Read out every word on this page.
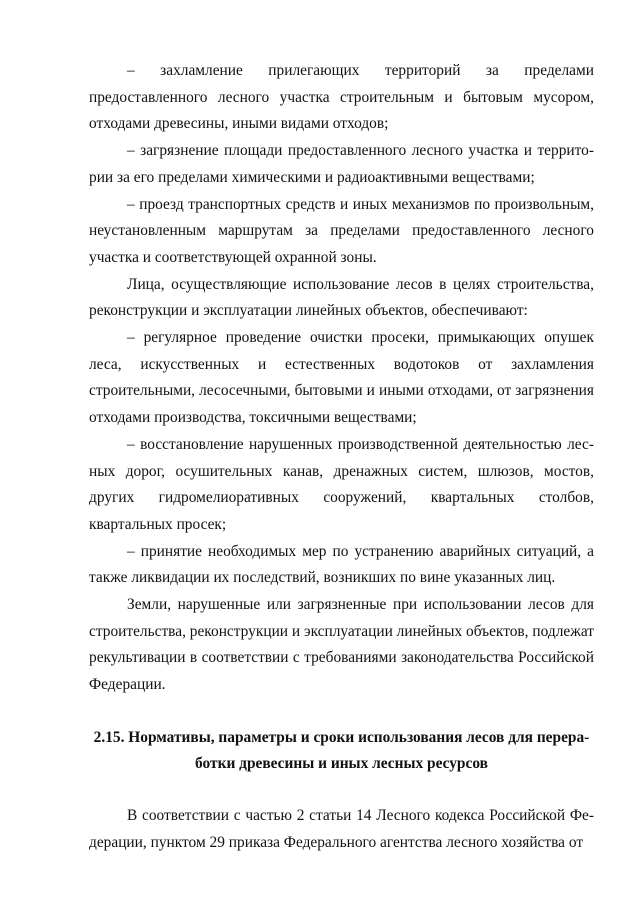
– захламление прилегающих территорий за пределами предоставленного лесного участка строительным и бытовым мусором, отходами древесины, иными видами отходов;

– загрязнение площади предоставленного лесного участка и территории за его пределами химическими и радиоактивными веществами;

– проезд транспортных средств и иных механизмов по произвольным, неустановленным маршрутам за пределами предоставленного лесного участка и соответствующей охранной зоны.

Лица, осуществляющие использование лесов в целях строительства, реконструкции и эксплуатации линейных объектов, обеспечивают:

– регулярное проведение очистки просеки, примыкающих опушек леса, искусственных и естественных водотоков от захламления строительными, лесосечными, бытовыми и иными отходами, от загрязнения отходами производства, токсичными веществами;

– восстановление нарушенных производственной деятельностью лесных дорог, осушительных канав, дренажных систем, шлюзов, мостов, других гидромелиоративных сооружений, квартальных столбов, квартальных просек;

– принятие необходимых мер по устранению аварийных ситуаций, а также ликвидации их последствий, возникших по вине указанных лиц.

Земли, нарушенные или загрязненные при использовании лесов для строительства, реконструкции и эксплуатации линейных объектов, подлежат рекультивации в соответствии с требованиями законодательства Российской Федерации.

2.15. Нормативы, параметры и сроки использования лесов для переработки древесины и иных лесных ресурсов

В соответствии с частью 2 статьи 14 Лесного кодекса Российской Федерации, пунктом 29 приказа Федерального агентства лесного хозяйства от
